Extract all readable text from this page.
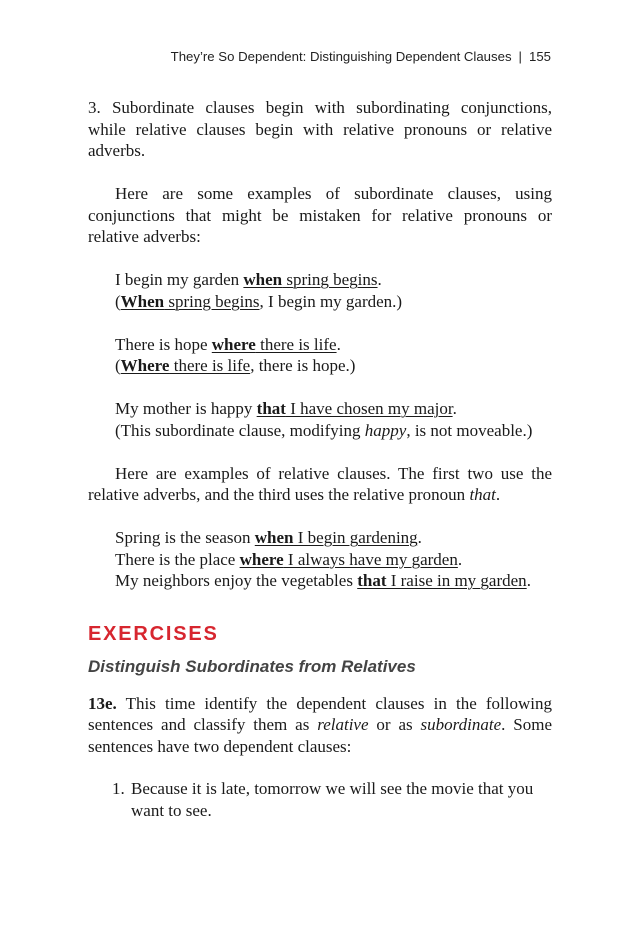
They’re So Dependent: Distinguishing Dependent Clauses | 155

3. Subordinate clauses begin with subordinating conjunctions, while relative clauses begin with relative pronouns or relative adverbs.

Here are some examples of subordinate clauses, using conjunctions that might be mistaken for relative pronouns or relative adverbs:

I begin my garden when spring begins.

(When spring begins, I begin my garden.)

There is hope where there is life.

(Where there is life, there is hope.)

My mother is happy that I have chosen my major.

(This subordinate clause, modifying happy, is not moveable.)

Here are examples of relative clauses. The first two use the relative adverbs, and the third uses the relative pronoun that.

Spring is the season when I begin gardening.

There is the place where I always have my garden.

My neighbors enjoy the vegetables that I raise in my garden.

EXERCISES
Distinguish Subordinates from Relatives

13e. This time identify the dependent clauses in the following sentences and classify them as relative or as subordinate. Some sentences have two dependent clauses:

1. Because it is late, tomorrow we will see the movie that you want to see.
